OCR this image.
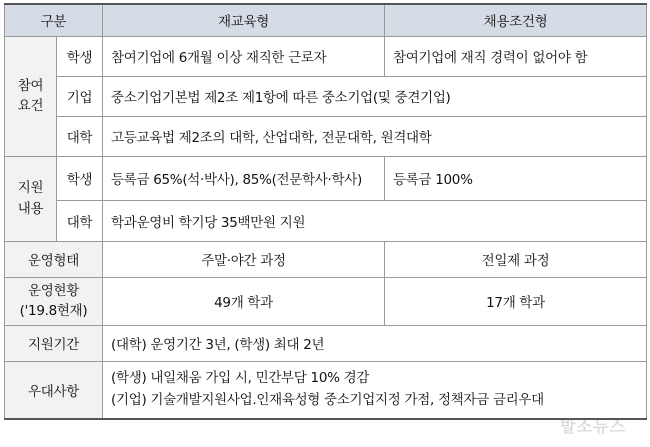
구분		재교육형	채용조건형
참여
요건	학생	참여기업에 6개월 이상 재직한 근로자	참여기업에 재직 경력이 없어야 함
	기업	중소기업기본법 제2조 제1항에 따른 중소기업(및 중견기업)	
	대학	고등교육법 제2조의 대학, 산업대학, 전문대학, 원격대학	
지원
내용	학생	등록금 65%(석·박사), 85%(전문학사·학사)	등록금 100%
	대학	학과운영비 학기당 35백만원 지원	
운영형태		주말·야간 과정	전일제 과정
운영현황
('19.8현재)		49개 학과	17개 학과
지원기간		(대학) 운영기간 3년, (학생) 최대 2년	
우대사항		(학생) 내일채움 가입 시, 민간부담 10% 경감
(기업) 기술개발지원사업.인재육성형 중소기업지정 가점, 정책자금 금리우대	
발소뉴스
